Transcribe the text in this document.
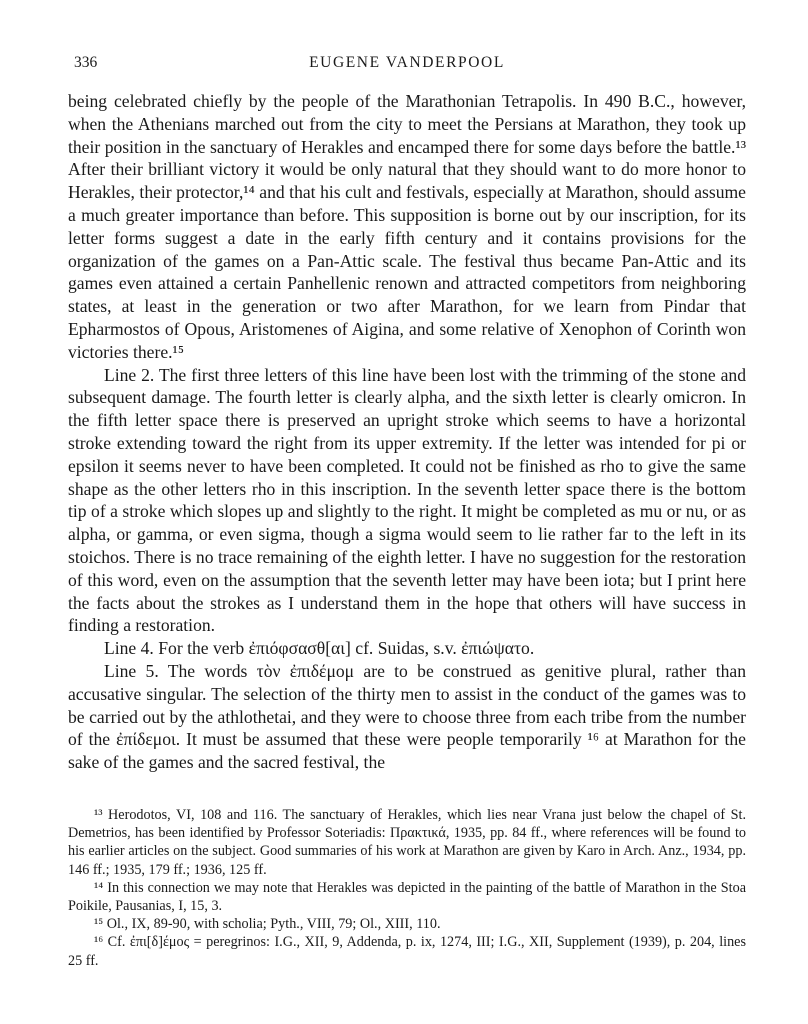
336	EUGENE VANDERPOOL

being celebrated chiefly by the people of the Marathonian Tetrapolis. In 490 B.C., however, when the Athenians marched out from the city to meet the Persians at Marathon, they took up their position in the sanctuary of Herakles and encamped there for some days before the battle.¹³ After their brilliant victory it would be only natural that they should want to do more honor to Herakles, their protector,¹⁴ and that his cult and festivals, especially at Marathon, should assume a much greater importance than before. This supposition is borne out by our inscription, for its letter forms suggest a date in the early fifth century and it contains provisions for the organization of the games on a Pan-Attic scale. The festival thus became Pan-Attic and its games even attained a certain Panhellenic renown and attracted competitors from neighboring states, at least in the generation or two after Marathon, for we learn from Pindar that Epharmostos of Opous, Aristomenes of Aigina, and some relative of Xenophon of Corinth won victories there.¹⁵

Line 2. The first three letters of this line have been lost with the trimming of the stone and subsequent damage. The fourth letter is clearly alpha, and the sixth letter is clearly omicron. In the fifth letter space there is preserved an upright stroke which seems to have a horizontal stroke extending toward the right from its upper extremity. If the letter was intended for pi or epsilon it seems never to have been completed. It could not be finished as rho to give the same shape as the other letters rho in this inscription. In the seventh letter space there is the bottom tip of a stroke which slopes up and slightly to the right. It might be completed as mu or nu, or as alpha, or gamma, or even sigma, though a sigma would seem to lie rather far to the left in its stoichos. There is no trace remaining of the eighth letter. I have no suggestion for the restoration of this word, even on the assumption that the seventh letter may have been iota; but I print here the facts about the strokes as I understand them in the hope that others will have success in finding a restoration.

Line 4. For the verb ἐπιόφσασθ[αι] cf. Suidas, s.v. ἐπιώψατο.

Line 5. The words τὸν ἐπιδέμομ are to be construed as genitive plural, rather than accusative singular. The selection of the thirty men to assist in the conduct of the games was to be carried out by the athlothetai, and they were to choose three from each tribe from the number of the ἐπίδεμοι. It must be assumed that these were people temporarily ¹⁶ at Marathon for the sake of the games and the sacred festival, the

¹³ Herodotos, VI, 108 and 116. The sanctuary of Herakles, which lies near Vrana just below the chapel of St. Demetrios, has been identified by Professor Soteriadis: Πρακτικά, 1935, pp. 84 ff., where references will be found to his earlier articles on the subject. Good summaries of his work at Marathon are given by Karo in Arch. Anz., 1934, pp. 146 ff.; 1935, 179 ff.; 1936, 125 ff.

¹⁴ In this connection we may note that Herakles was depicted in the painting of the battle of Marathon in the Stoa Poikile, Pausanias, I, 15, 3.

¹⁵ Ol., IX, 89-90, with scholia; Pyth., VIII, 79; Ol., XIII, 110.

¹⁶ Cf. ἐπι[δ]έμος = peregrinos: I.G., XII, 9, Addenda, p. ix, 1274, III; I.G., XII, Supplement (1939), p. 204, lines 25 ff.
